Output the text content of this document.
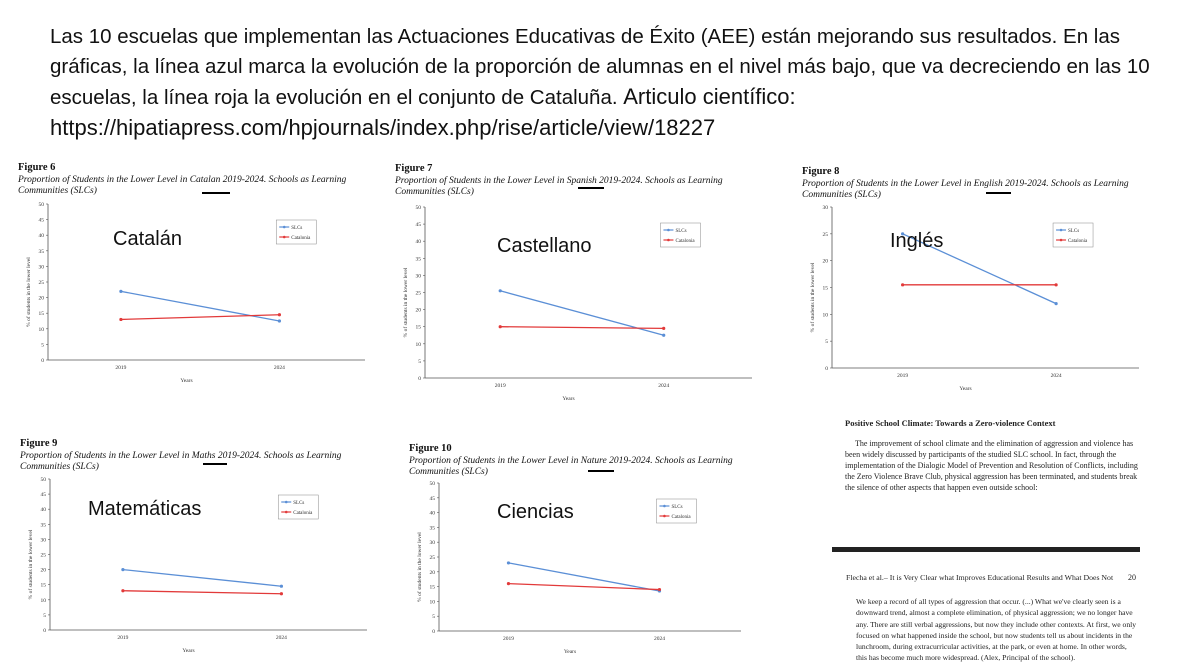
Las 10 escuelas que implementan las Actuaciones Educativas de Éxito (AEE) están mejorando sus resultados. En las gráficas, la línea azul marca la evolución de la proporción de alumnas en el nivel más bajo, que va decreciendo en las 10 escuelas, la línea roja la evolución en el conjunto de Cataluña. Articulo científico: https://hipatiapress.com/hpjournals/index.php/rise/article/view/18227
Figure 6
Proportion of Students in the Lower Level in Catalan 2019-2024. Schools as Learning Communities (SLCs)
0
5
10
15
20
25
30
35
40
45
50
2019	2024
Years
% of students in the lower level
SLCs
Catalonia
Catalán
Figure 7
Proportion of Students in the Lower Level in Spanish 2019-2024. Schools as Learning Communities (SLCs)
0
5
10
15
20
25
30
35
40
45
50
2019	2024
Years
% of students in the lower level
SLCs
Catalonia
Castellano
Figure 8
Proportion of Students in the Lower Level in English 2019-2024. Schools as Learning Communities (SLCs)
0
5
10
15
20
25
30
2019	2024
Years
% of students in the lower level
SLCs
Catalonia
Inglés
Figure 9
Proportion of Students in the Lower Level in Maths 2019-2024. Schools as Learning Communities (SLCs)
0
5
10
15
20
25
30
35
40
45
50
2019	2024
Years
% of students in the lower level
SLCs
Catalonia
Matemáticas
Figure 10
Proportion of Students in the Lower Level in Nature 2019-2024. Schools as Learning Communities (SLCs)
0
5
10
15
20
25
30
35
40
45
50
2019	2024
Years
% of students in the lower level
SLCs
Catalonia
Ciencias
Positive School Climate: Towards a Zero-violence Context
The improvement of school climate and the elimination of aggression and violence has been widely discussed by participants of the studied SLC school. In fact, through the implementation of the Dialogic Model of Prevention and Resolution of Conflicts, including the Zero Violence Brave Club, physical aggression has been terminated, and students break the silence of other aspects that happen even outside school:
Flecha et al.– It is Very Clear what Improves Educational Results and What Does Not	20
We keep a record of all types of aggression that occur. (...) What we've clearly seen is a downward trend, almost a complete elimination, of physical aggression; we no longer have any. There are still verbal aggressions, but now they include other contexts. At first, we only focused on what happened inside the school, but now students tell us about incidents in the lunchroom, during extracurricular activities, at the park, or even at home. In other words, this has become much more widespread. (Alex, Principal of the school).
